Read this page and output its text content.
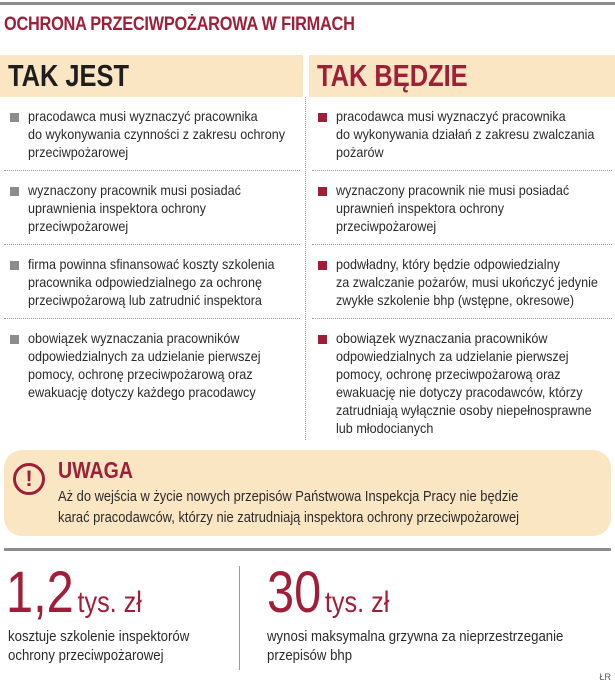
OCHRONA PRZECIWPOŻAROWA W FIRMACH
TAK JEST	TAK BĘDZIE
pracodawca musi wyznaczyć pracownika
do wykonywania czynności z zakresu ochrony
przeciwpożarowej
wyznaczony pracownik musi posiadać
uprawnienia inspektora ochrony
przeciwpożarowej
firma powinna sfinansować koszty szkolenia
pracownika odpowiedzialnego za ochronę
przeciwpożarową lub zatrudnić inspektora
obowiązek wyznaczania pracowników
odpowiedzialnych za udzielanie pierwszej
pomocy, ochronę przeciwpożarową oraz
ewakuację dotyczy każdego pracodawcy
pracodawca musi wyznaczyć pracownika
do wykonywania działań z zakresu zwalczania
pożarów
wyznaczony pracownik nie musi posiadać
uprawnień inspektora ochrony
przeciwpożarowej
podwładny, który będzie odpowiedzialny
za zwalczanie pożarów, musi ukończyć jedynie
zwykłe szkolenie bhp (wstępne, okresowe)
obowiązek wyznaczania pracowników
odpowiedzialnych za udzielanie pierwszej
pomocy, ochronę przeciwpożarową oraz
ewakuację nie dotyczy pracodawców, którzy
zatrudniają wyłącznie osoby niepełnosprawne
lub młodocianych
!	UWAGA
Aż do wejścia w życie nowych przepisów Państwowa Inspekcja Pracy nie będzie
karać pracodawców, którzy nie zatrudniają inspektora ochrony przeciwpożarowej
1,2 tys. zł
kosztuje szkolenie inspektorów
ochrony przeciwpożarowej
30 tys. zł
wynosi maksymalna grzywna za nieprzestrzeganie
przepisów bhp
ŁR
